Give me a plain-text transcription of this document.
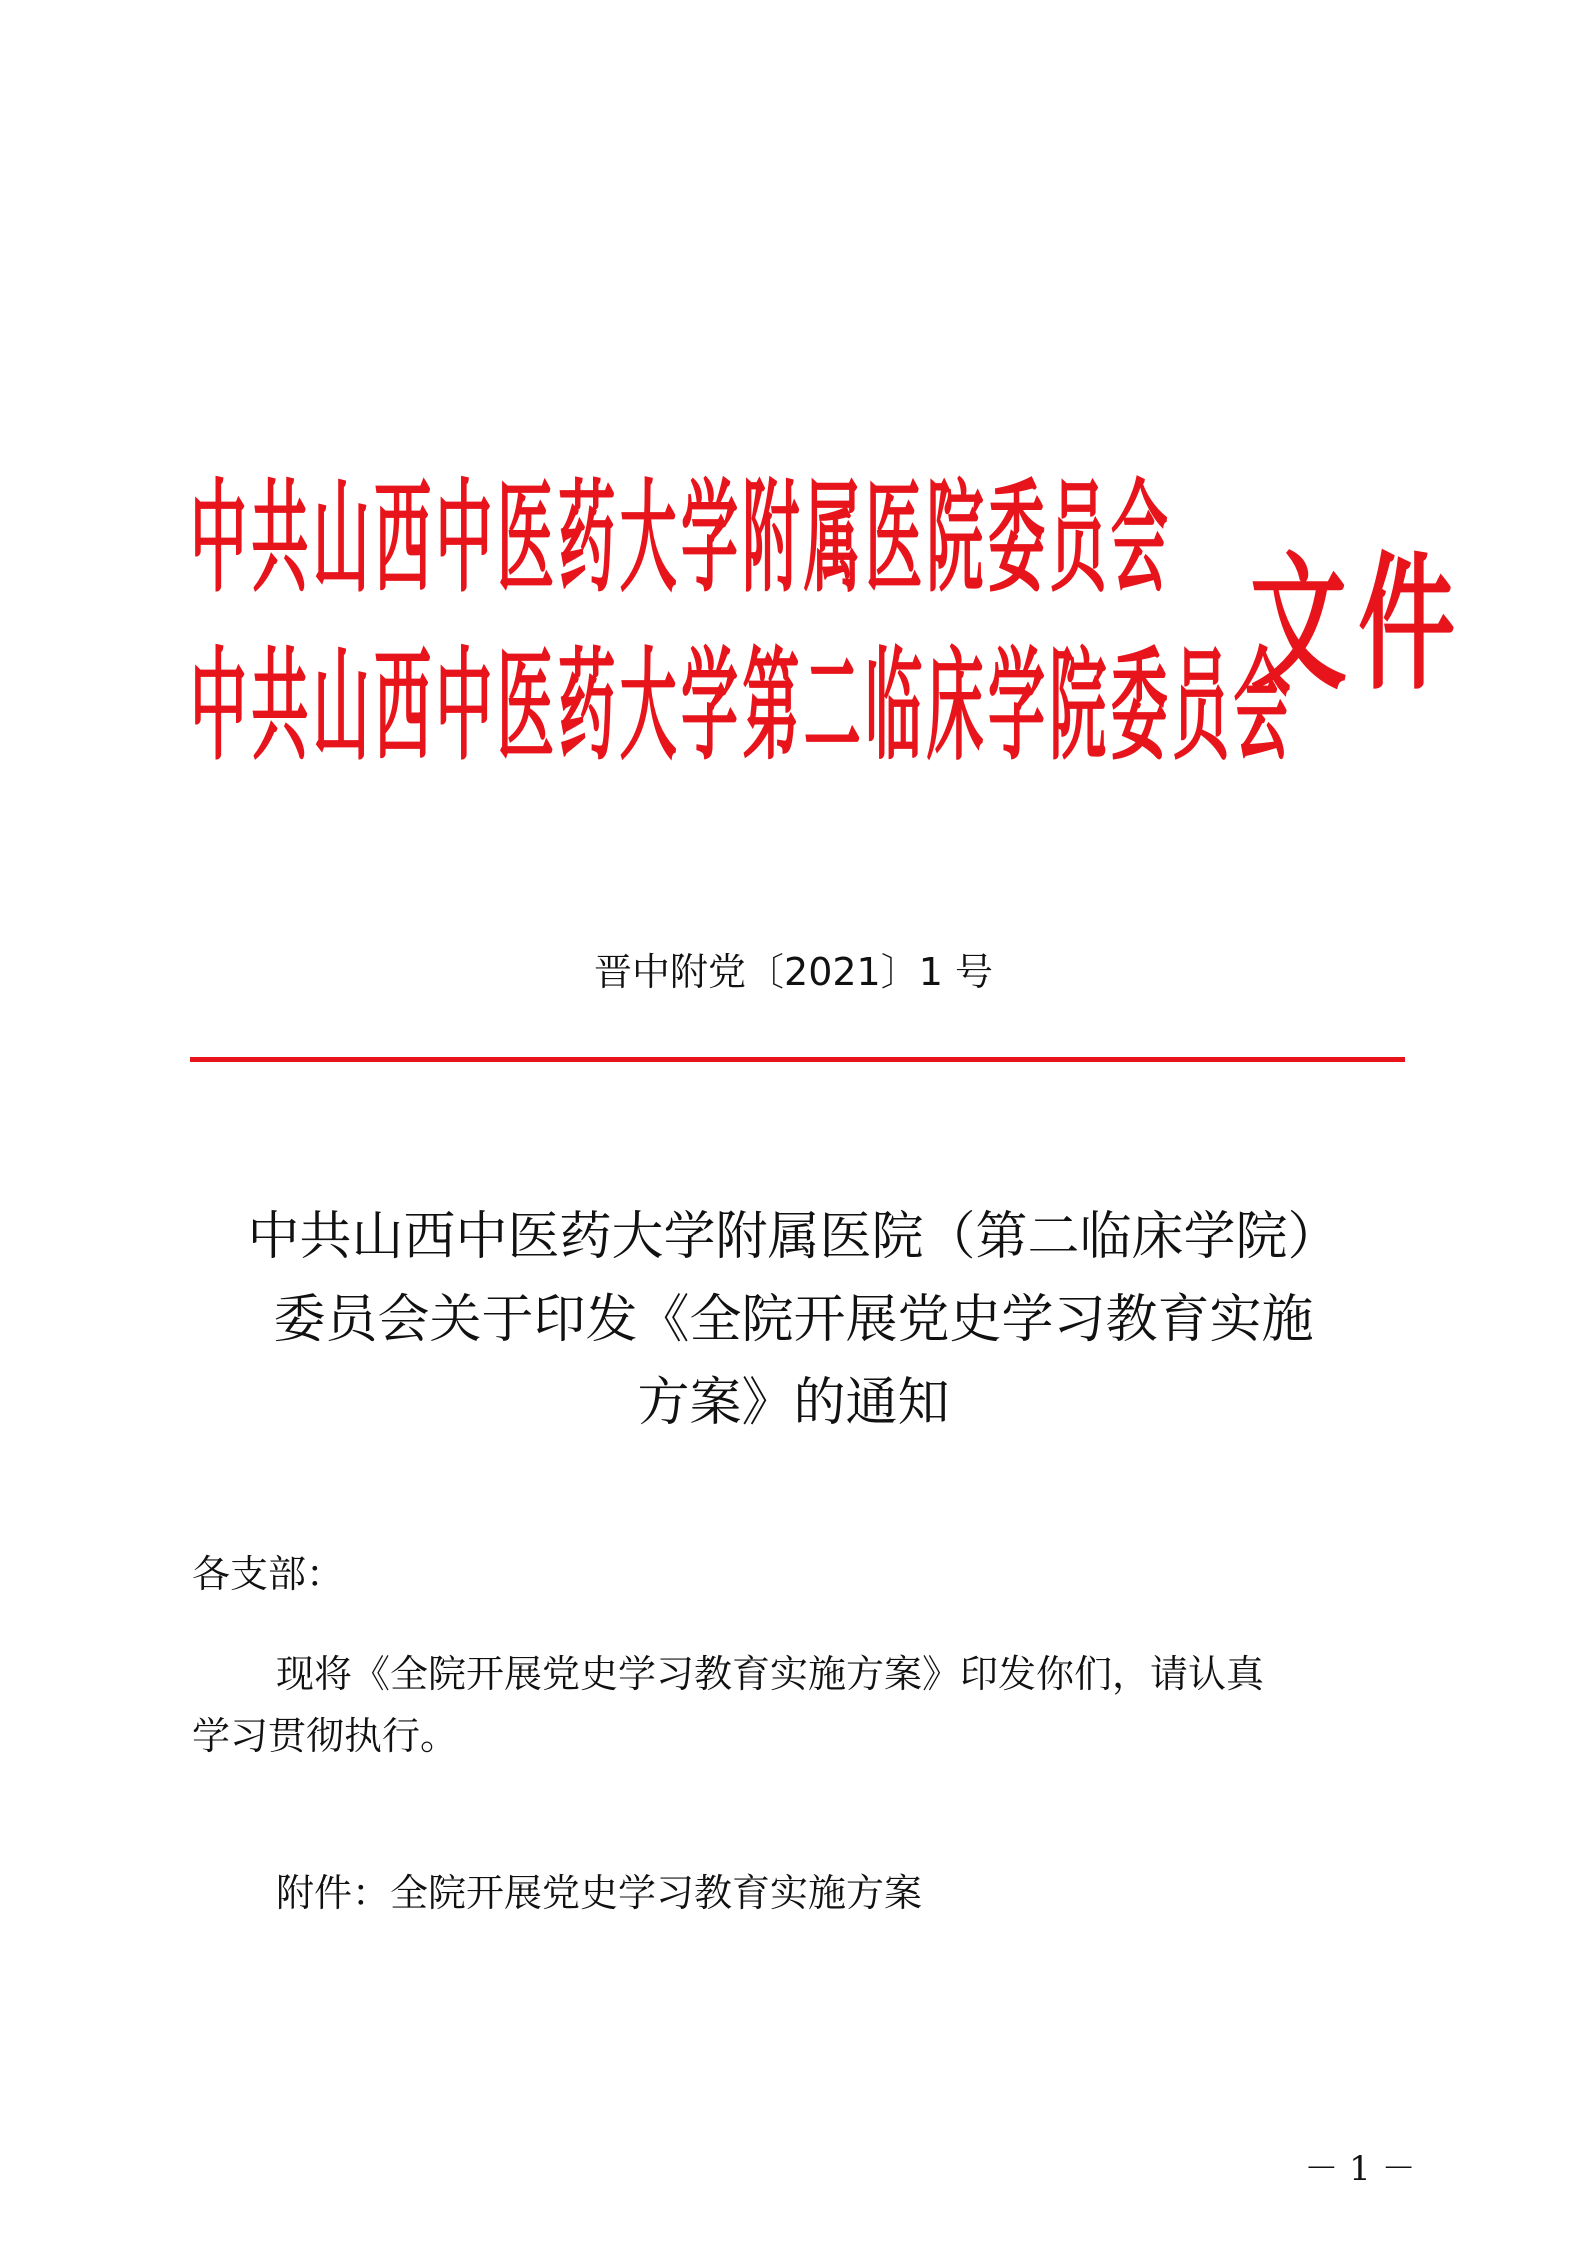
中共山西中医药大学附属医院委员会
中共山西中医药大学第二临床学院委员会
文件
晋中附党〔2021〕1 号
中共山西中医药大学附属医院（第二临床学院）
委员会关于印发《全院开展党史学习教育实施
方案》的通知
各支部：
现将《全院开展党史学习教育实施方案》印发你们，请认真
学习贯彻执行。
附件：全院开展党史学习教育实施方案
－ 1 －
